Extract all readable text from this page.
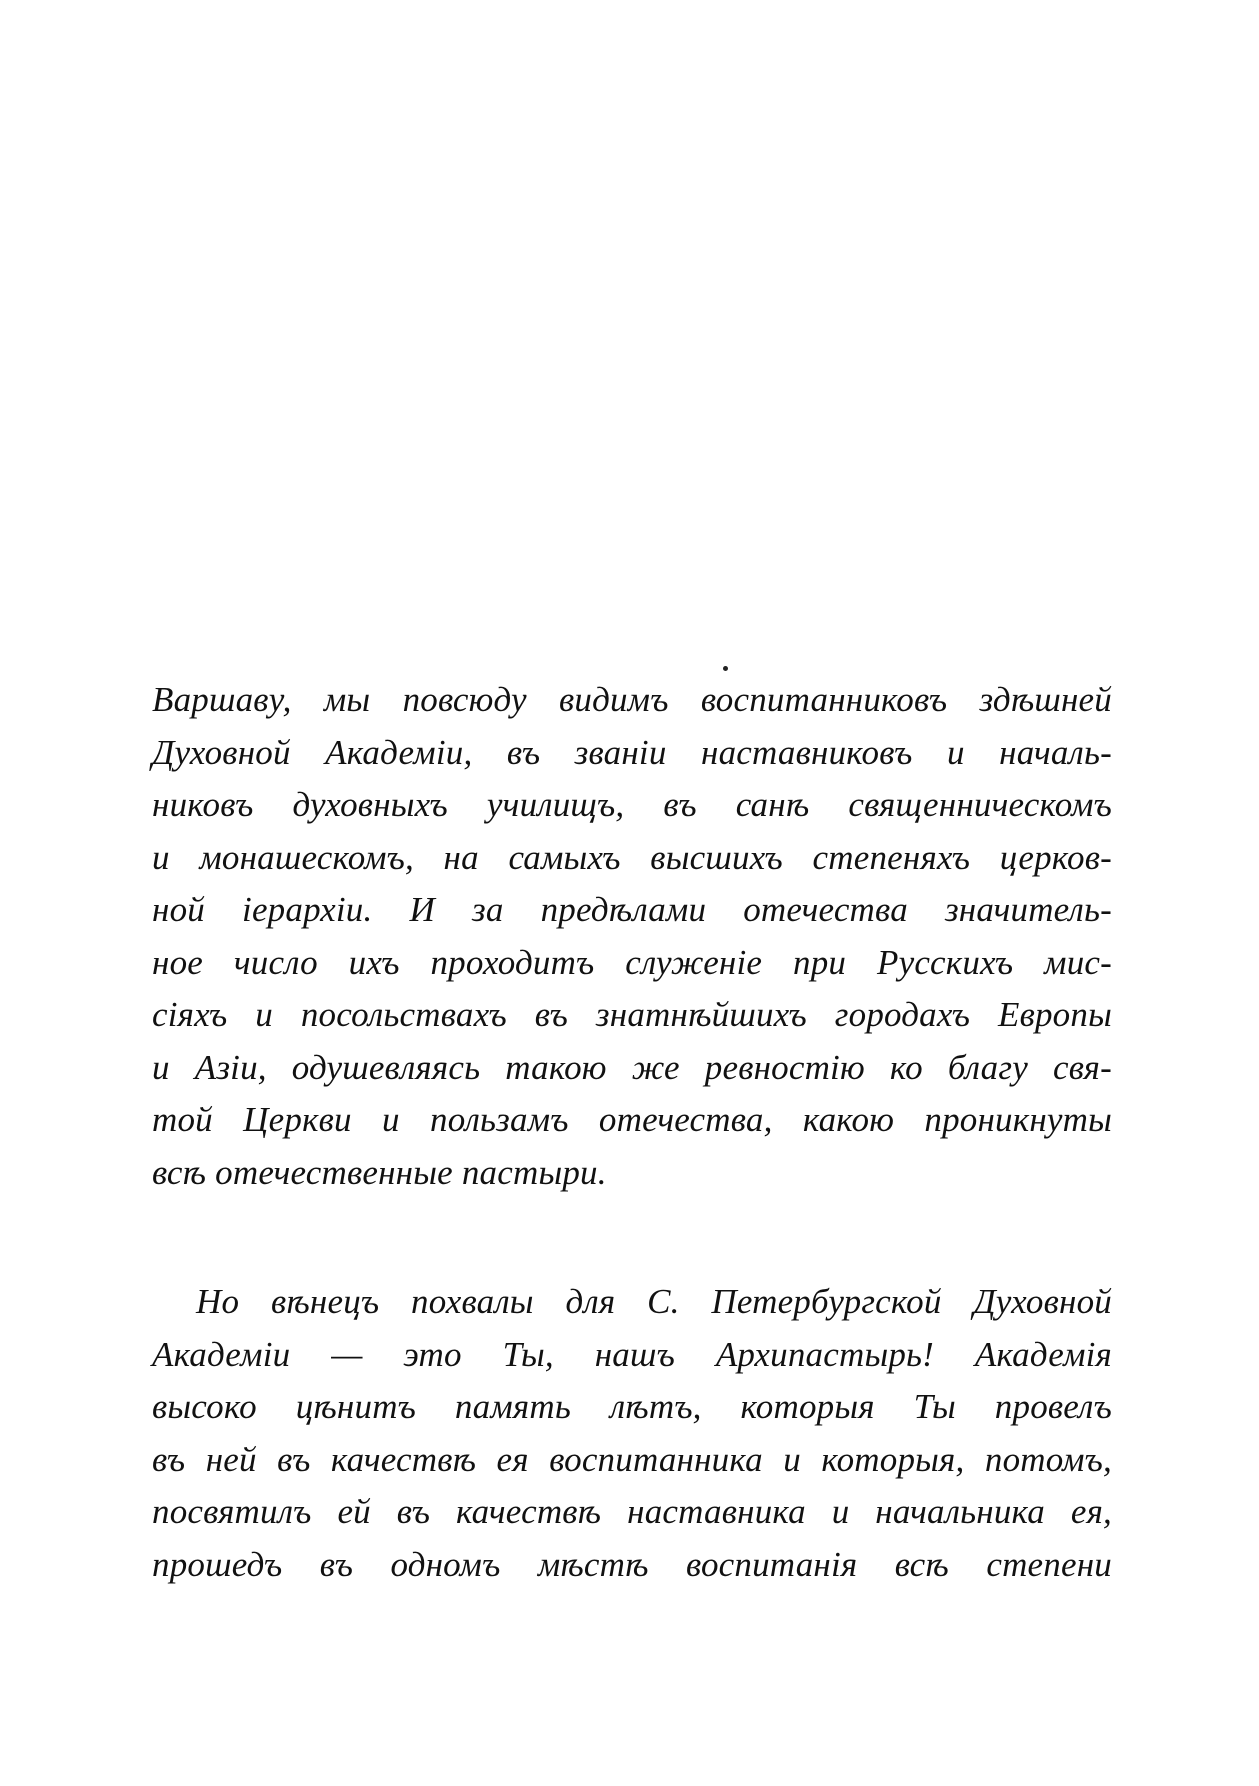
Варшаву, мы повсюду видимъ воспитанниковъ здѣшней
Духовной Академіи, въ званіи наставниковъ и началь-
никовъ духовныхъ училищъ, въ санѣ священническомъ
и монашескомъ, на самыхъ высшихъ степеняхъ церков-
ной іерархіи. И за предѣлами отечества значитель-
ное число ихъ проходитъ служеніе при Русскихъ мис-
сіяхъ и посольствахъ въ знатнѣйшихъ городахъ Европы
и Азіи, одушевляясь такою же ревностію ко благу свя-
той Церкви и пользамъ отечества, какою проникнуты
всѣ отечественные пастыри.
Но вѣнецъ похвалы для С. Петербургской Духовной
Академіи — это Ты, нашъ Архипастырь! Академія
высоко цѣнитъ память лѣтъ, которыя Ты провелъ
въ ней въ качествѣ ея воспитанника и которыя, потомъ,
посвятилъ ей въ качествѣ наставника и начальника ея,
прошедъ въ одномъ мѣстѣ воспитанія всѣ степени
